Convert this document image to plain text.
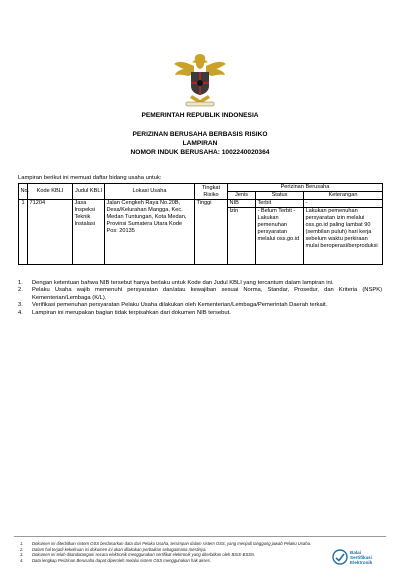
PEMERINTAH REPUBLIK INDONESIA
PERIZINAN BERUSAHA BERBASIS RISIKO
LAMPIRAN
NOMOR INDUK BERUSAHA: 1002240020364
Lampiran berikut ini memuat daftar bidang usaha untuk:
No.	Kode KBLI	Judul KBLI	Lokasi Usaha	Tingkat Risiko	Perizinan Berusaha		
					Jenis	Status	Keterangan
1	71204	Jasa Inspeksi Teknik Instalasi	Jalan Cengkeh Raya No.20B, Desa/Kelurahan Mangga, Kec. Medan Tuntungan, Kota Medan, Provinsi Sumatera Utara Kode Pos: 20135	Tinggi	NIB	Terbit	-
					Izin	- Belum Terbit - Lakukan pemenuhan persyaratan melalui oss.go.id	Lakukan pemenuhan persyaratan izin melalui oss.go.id paling lambat 90 (sembilan puluh) hari kerja sebelum waktu perkiraan mulai beroperasi/berproduksi
1.	Dengan ketentuan bahwa NIB tersebut hanya berlaku untuk Kode dan Judul KBLI yang tercantum dalam lampiran ini.
2.	Pelaku Usaha wajib memenuhi persyaratan dan/atau kewajiban sesuai Norma, Standar, Prosedur, dan Kriteria (NSPK) Kementerian/Lembaga (K/L).
3.	Verifikasi pemenuhan persyaratan Pelaku Usaha dilakukan oleh Kementerian/Lembaga/Pemerintah Daerah terkait.
4.	Lampiran ini merupakan bagian tidak terpisahkan dari dokumen NIB tersebut.
1.	Dokumen ini diterbitkan sistem OSS berdasarkan data dari Pelaku Usaha, tersimpan dalam sistem OSS, yang menjadi tanggung jawab Pelaku Usaha.
2.	Dalam hal terjadi kekeliruan isi dokumen ini akan dilakukan perbaikan sebagaimana mestinya.
3.	Dokumen ini telah ditandatangani secara elektronik menggunakan sertifikat elektronik yang diterbitkan oleh BSrE-BSSN.
4.	Data lengkap Perizinan Berusaha dapat diperoleh melalui sistem OSS menggunakan hak akses.
Balai
Sertifikasi
Elektronik
